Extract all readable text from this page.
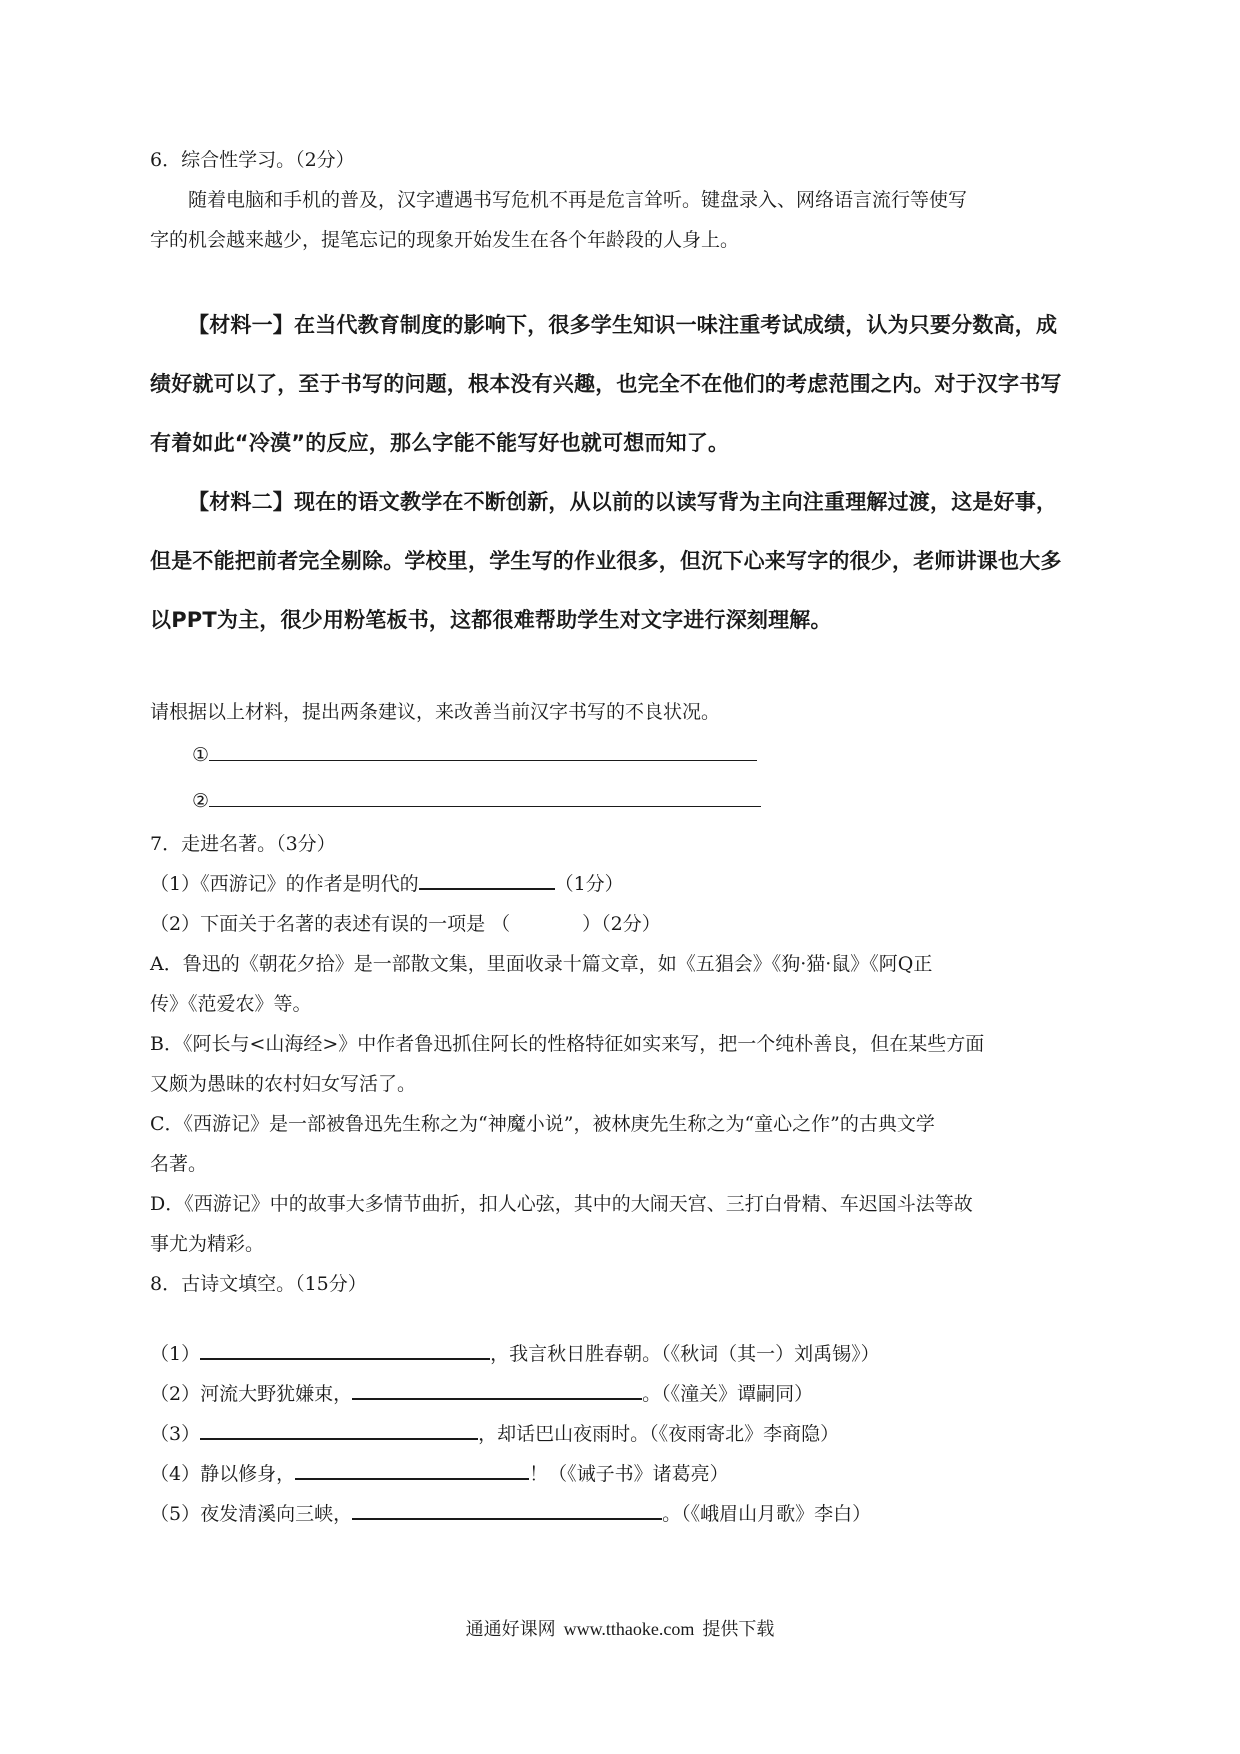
6．综合性学习。（2分）
随着电脑和手机的普及，汉字遭遇书写危机不再是危言耸听。键盘录入、网络语言流行等使写
字的机会越来越少，提笔忘记的现象开始发生在各个年龄段的人身上。
【材料一】在当代教育制度的影响下，很多学生知识一味注重考试成绩，认为只要分数高，成
绩好就可以了，至于书写的问题，根本没有兴趣，也完全不在他们的考虑范围之内。对于汉字书写
有着如此“冷漠”的反应，那么字能不能写好也就可想而知了。
【材料二】现在的语文教学在不断创新，从以前的以读写背为主向注重理解过渡，这是好事，
但是不能把前者完全剔除。学校里，学生写的作业很多，但沉下心来写字的很少，老师讲课也大多
以PPT为主，很少用粉笔板书，这都很难帮助学生对文字进行深刻理解。
请根据以上材料，提出两条建议，来改善当前汉字书写的不良状况。
①
②
7．走进名著。（3分）
（1）《西游记》的作者是明代的	（1分）
（2）下面关于名著的表述有误的一项是 （	）（2分）
A．鲁迅的《朝花夕拾》是一部散文集，里面收录十篇文章，如《五猖会》《狗·猫·鼠》《阿Q正
传》《范爱农》等。
B．《阿长与<山海经>》中作者鲁迅抓住阿长的性格特征如实来写，把一个纯朴善良，但在某些方面
又颇为愚昧的农村妇女写活了。
C．《西游记》是一部被鲁迅先生称之为“神魔小说”，被林庚先生称之为“童心之作”的古典文学
名著。
D．《西游记》中的故事大多情节曲折，扣人心弦，其中的大闹天宫、三打白骨精、车迟国斗法等故
事尤为精彩。
8．古诗文填空。（15分）
（1）	，我言秋日胜春朝。（《秋词（其一）刘禹锡》）
（2）河流大野犹嫌束，	。（《潼关》谭嗣同）
（3）	，却话巴山夜雨时。（《夜雨寄北》李商隐）
（4）静以修身，	！（《诫子书》诸葛亮）
（5）夜发清溪向三峡，	。（《峨眉山月歌》李白）
通通好课网 www.tthaoke.com 提供下载
